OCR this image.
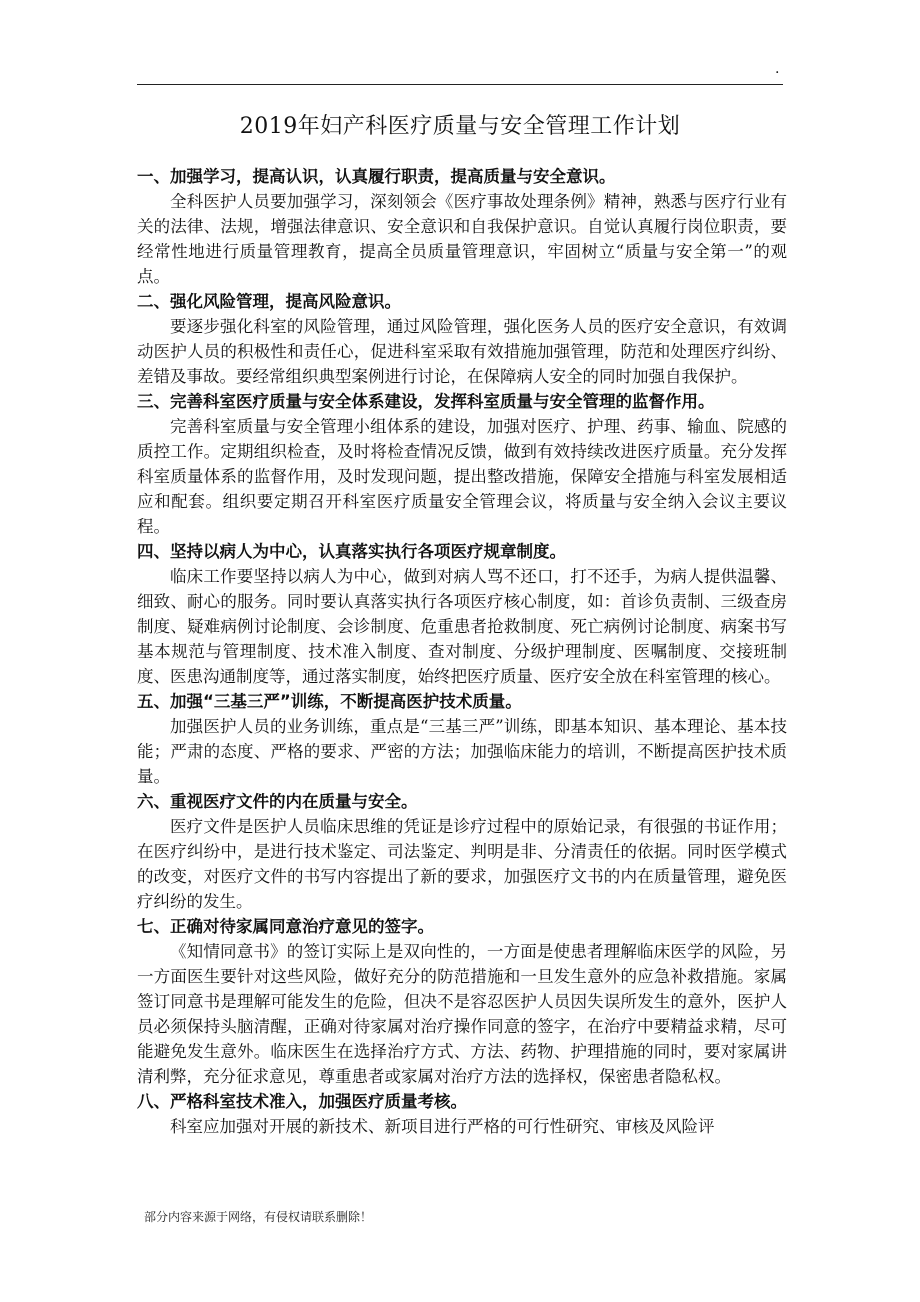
.
2019年妇产科医疗质量与安全管理工作计划

一、加强学习，提高认识，认真履行职责，提高质量与安全意识。

全科医护人员要加强学习，深刻领会《医疗事故处理条例》精神，熟悉与医疗行业有关的法律、法规，增强法律意识、安全意识和自我保护意识。自觉认真履行岗位职责，要经常性地进行质量管理教育，提高全员质量管理意识，牢固树立“质量与安全第一”的观点。

二、强化风险管理，提高风险意识。

要逐步强化科室的风险管理，通过风险管理，强化医务人员的医疗安全意识，有效调动医护人员的积极性和责任心，促进科室采取有效措施加强管理，防范和处理医疗纠纷、差错及事故。要经常组织典型案例进行讨论，在保障病人安全的同时加强自我保护。

三、完善科室医疗质量与安全体系建设，发挥科室质量与安全管理的监督作用。

完善科室质量与安全管理小组体系的建设，加强对医疗、护理、药事、输血、院感的质控工作。定期组织检查，及时将检查情况反馈，做到有效持续改进医疗质量。充分发挥科室质量体系的监督作用，及时发现问题，提出整改措施，保障安全措施与科室发展相适应和配套。组织要定期召开科室医疗质量安全管理会议，将质量与安全纳入会议主要议程。

四、坚持以病人为中心，认真落实执行各项医疗规章制度。

临床工作要坚持以病人为中心，做到对病人骂不还口，打不还手，为病人提供温馨、细致、耐心的服务。同时要认真落实执行各项医疗核心制度，如：首诊负责制、三级查房制度、疑难病例讨论制度、会诊制度、危重患者抢救制度、死亡病例讨论制度、病案书写基本规范与管理制度、技术准入制度、查对制度、分级护理制度、医嘱制度、交接班制度、医患沟通制度等，通过落实制度，始终把医疗质量、医疗安全放在科室管理的核心。

五、加强“三基三严”训练，不断提高医护技术质量。

加强医护人员的业务训练，重点是“三基三严”训练，即基本知识、基本理论、基本技能；严肃的态度、严格的要求、严密的方法；加强临床能力的培训，不断提高医护技术质量。

六、重视医疗文件的内在质量与安全。

医疗文件是医护人员临床思维的凭证是诊疗过程中的原始记录，有很强的书证作用；在医疗纠纷中，是进行技术鉴定、司法鉴定、判明是非、分清责任的依据。同时医学模式的改变，对医疗文件的书写内容提出了新的要求，加强医疗文书的内在质量管理，避免医疗纠纷的发生。

七、正确对待家属同意治疗意见的签字。

《知情同意书》的签订实际上是双向性的，一方面是使患者理解临床医学的风险，另一方面医生要针对这些风险，做好充分的防范措施和一旦发生意外的应急补救措施。家属签订同意书是理解可能发生的危险，但决不是容忍医护人员因失误所发生的意外，医护人员必须保持头脑清醒，正确对待家属对治疗操作同意的签字，在治疗中要精益求精，尽可能避免发生意外。临床医生在选择治疗方式、方法、药物、护理措施的同时，要对家属讲清利弊，充分征求意见，尊重患者或家属对治疗方法的选择权，保密患者隐私权。

八、严格科室技术准入，加强医疗质量考核。

科室应加强对开展的新技术、新项目进行严格的可行性研究、审核及风险评

部分内容来源于网络，有侵权请联系删除！
